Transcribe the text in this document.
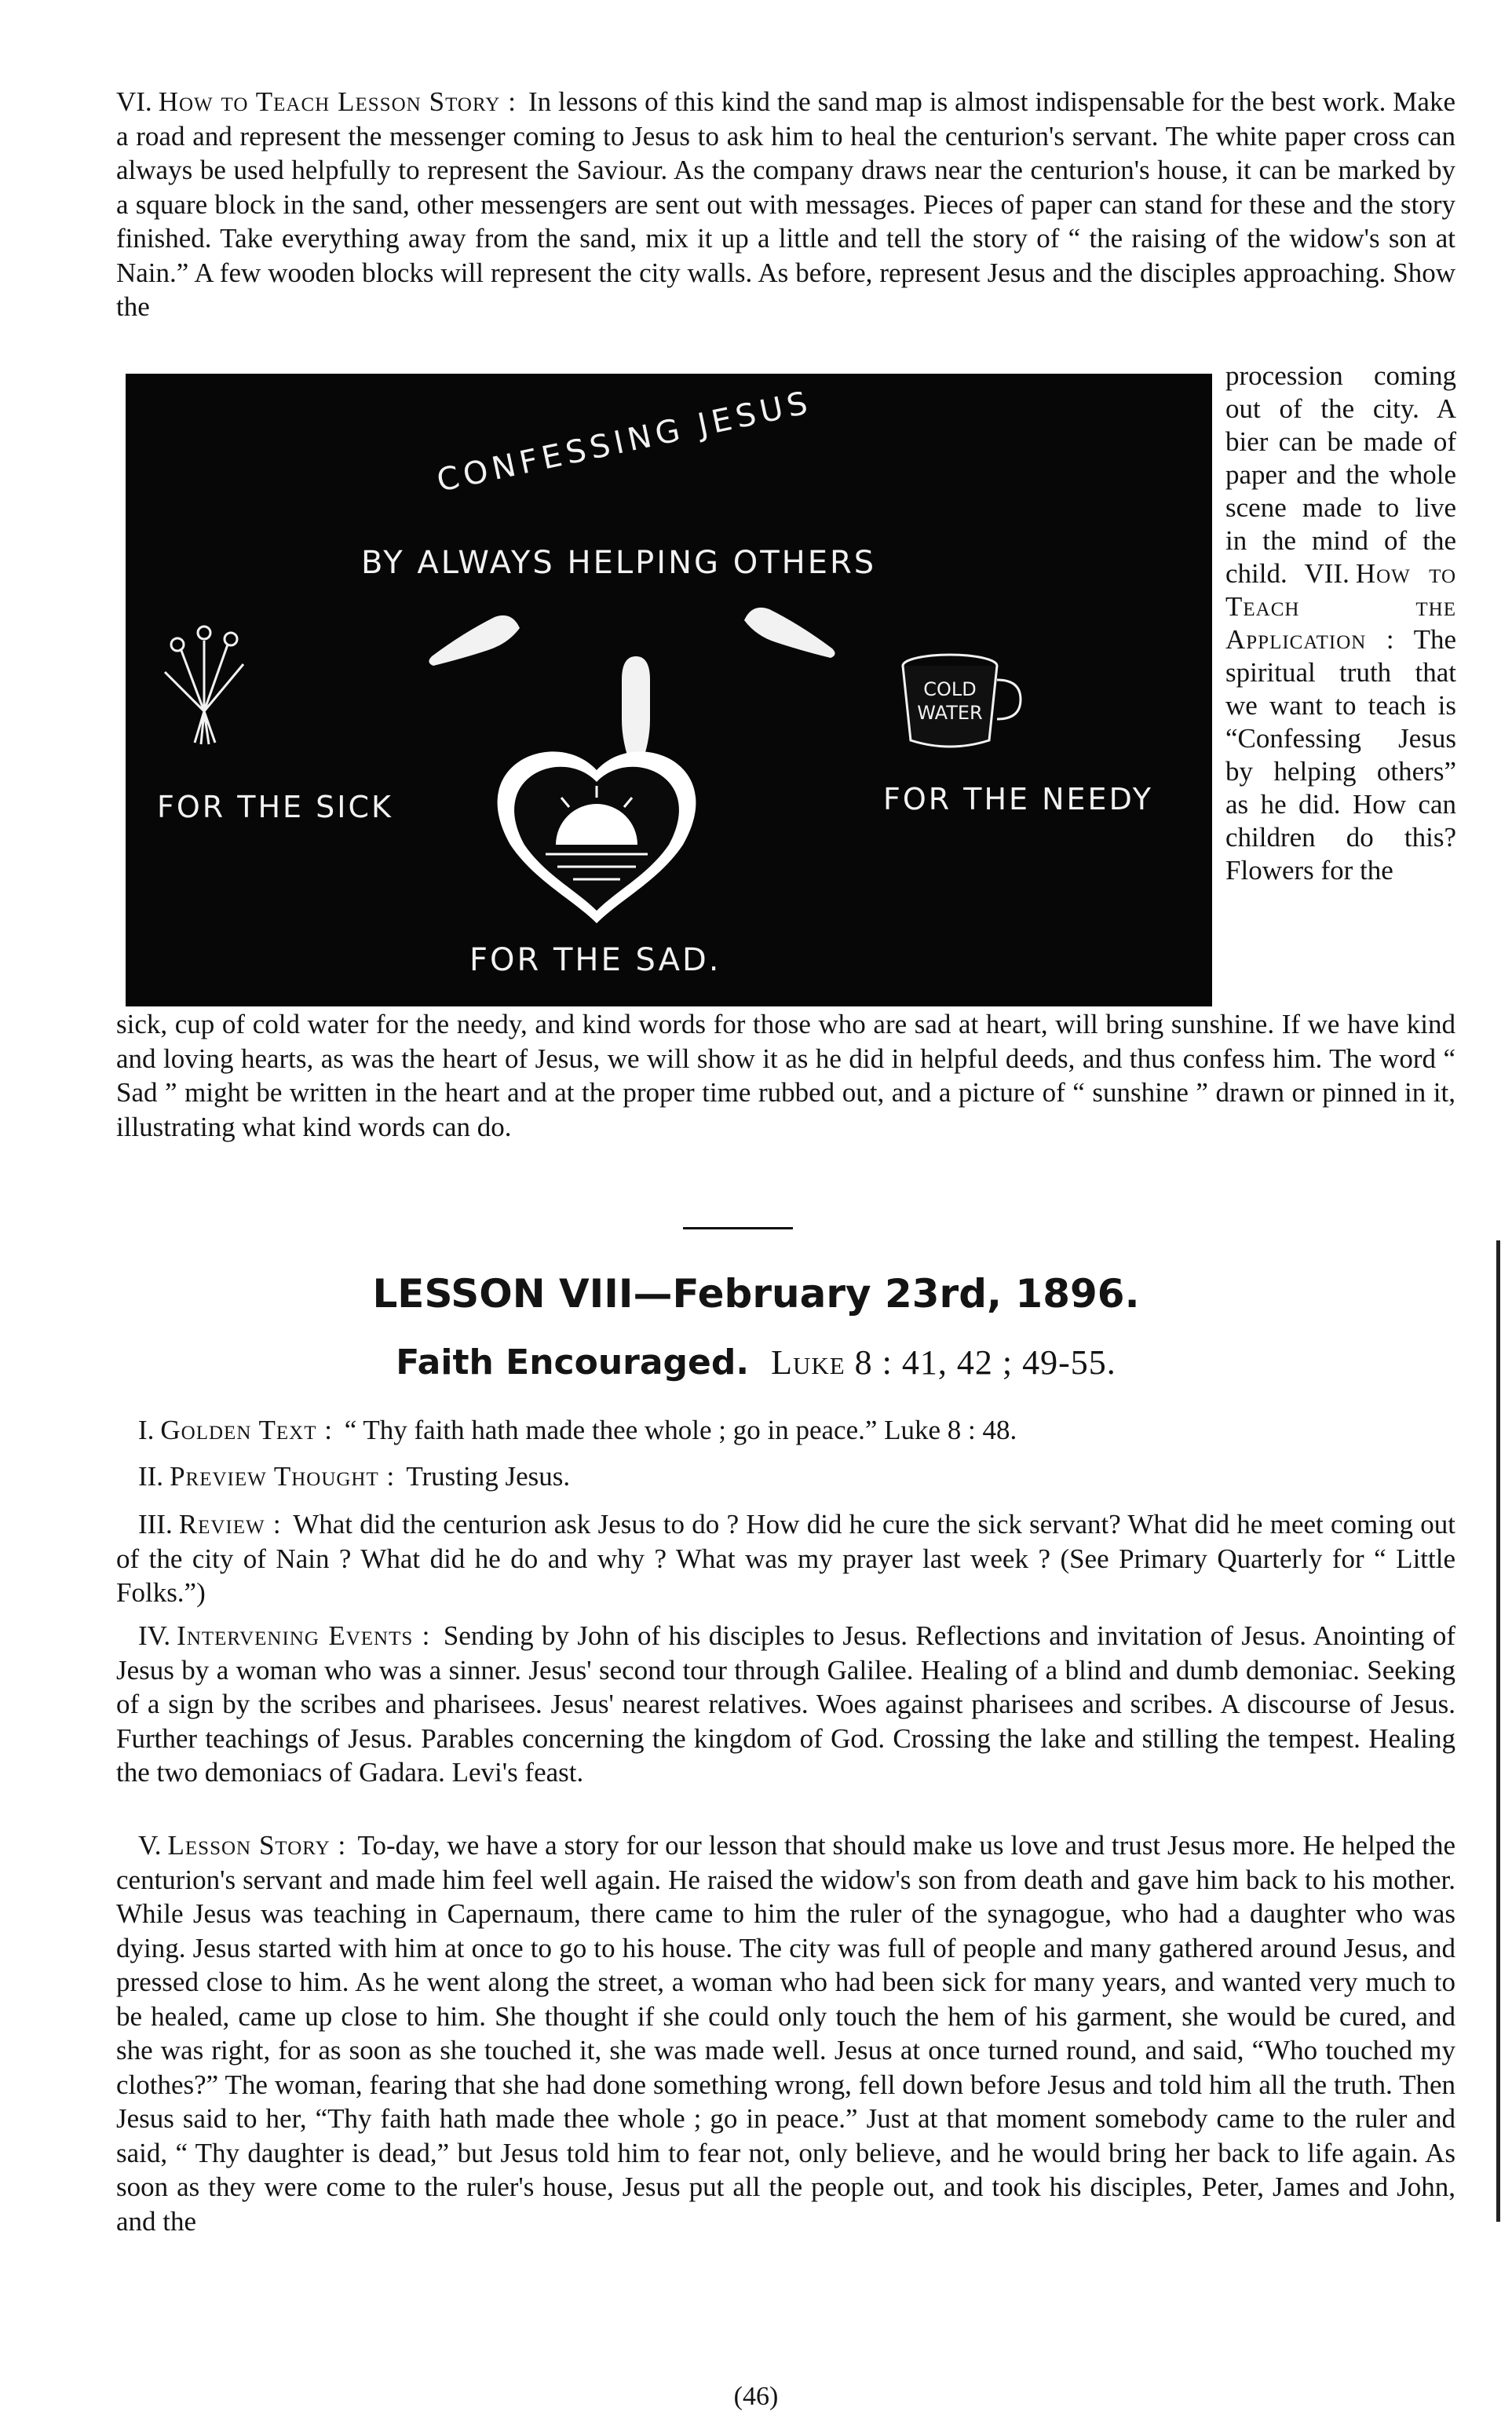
VI. How to Teach Lesson Story : In lessons of this kind the sand map is almost indispensable for the best work. Make a road and represent the messenger coming to Jesus to ask him to heal the centurion's servant. The white paper cross can always be used helpfully to represent the Saviour. As the company draws near the centurion's house, it can be marked by a square block in the sand, other messengers are sent out with messages. Pieces of paper can stand for these and the story finished. Take everything away from the sand, mix it up a little and tell the story of “ the raising of the widow's son at Nain.” A few wooden blocks will represent the city walls. As before, represent Jesus and the disciples approaching. Show the

CONFESSING JESUS
BY ALWAYS HELPING OTHERS
COLD
WATER
FOR THE SICK	FOR THE NEEDY
FOR THE SAD.

procession coming out of the city. A bier can be made of paper and the whole scene made to live in the mind of the child. VII. How to Teach the Application : The spiritual truth that we want to teach is “Confessing Jesus by helping others” as he did. How can children do this? Flowers for the

sick, cup of cold water for the needy, and kind words for those who are sad at heart, will bring sunshine. If we have kind and loving hearts, as was the heart of Jesus, we will show it as he did in helpful deeds, and thus confess him. The word “ Sad ” might be written in the heart and at the proper time rubbed out, and a picture of “ sunshine ” drawn or pinned in it, illustrating what kind words can do.

LESSON VIII—February 23rd, 1896.
Faith Encouraged. Luke 8 : 41, 42 ; 49-55.

I. Golden Text : “ Thy faith hath made thee whole ; go in peace.” Luke 8 : 48.

II. Preview Thought : Trusting Jesus.

III. Review : What did the centurion ask Jesus to do ? How did he cure the sick servant? What did he meet coming out of the city of Nain ? What did he do and why ? What was my prayer last week ? (See Primary Quarterly for “ Little Folks.”)

IV. Intervening Events : Sending by John of his disciples to Jesus. Reflections and invitation of Jesus. Anointing of Jesus by a woman who was a sinner. Jesus' second tour through Galilee. Healing of a blind and dumb demoniac. Seeking of a sign by the scribes and pharisees. Jesus' nearest relatives. Woes against pharisees and scribes. A discourse of Jesus. Further teachings of Jesus. Parables concerning the kingdom of God. Crossing the lake and stilling the tempest. Healing the two demoniacs of Gadara. Levi's feast.

V. Lesson Story : To-day, we have a story for our lesson that should make us love and trust Jesus more. He helped the centurion's servant and made him feel well again. He raised the widow's son from death and gave him back to his mother. While Jesus was teaching in Capernaum, there came to him the ruler of the synagogue, who had a daughter who was dying. Jesus started with him at once to go to his house. The city was full of people and many gathered around Jesus, and pressed close to him. As he went along the street, a woman who had been sick for many years, and wanted very much to be healed, came up close to him. She thought if she could only touch the hem of his garment, she would be cured, and she was right, for as soon as she touched it, she was made well. Jesus at once turned round, and said, “Who touched my clothes?” The woman, fearing that she had done something wrong, fell down before Jesus and told him all the truth. Then Jesus said to her, “Thy faith hath made thee whole ; go in peace.” Just at that moment somebody came to the ruler and said, “ Thy daughter is dead,” but Jesus told him to fear not, only believe, and he would bring her back to life again. As soon as they were come to the ruler's house, Jesus put all the people out, and took his disciples, Peter, James and John, and the

(46)
